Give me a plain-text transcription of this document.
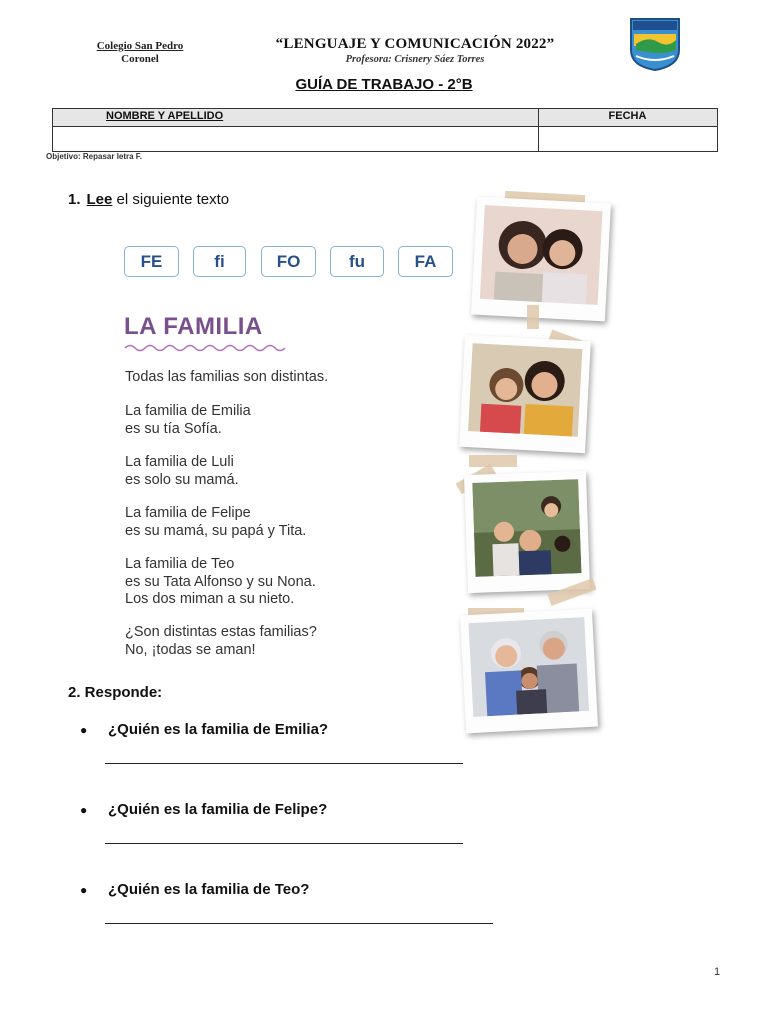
Colegio San Pedro
Coronel
“LENGUAJE Y COMUNICACIÓN 2022”
Profesora: Crisnery Sáez Torres
GUÍA DE TRABAJO - 2°B
NOMBRE Y APELLIDO	FECHA
Objetivo: Repasar letra F.
1. Lee el siguiente texto
FE	fi	FO	fu	FA
LA FAMILIA
Todas las familias son distintas.
La familia de Emilia
es su tía Sofía.
La familia de Luli
es solo su mamá.
La familia de Felipe
es su mamá, su papá y Tita.
La familia de Teo
es su Tata Alfonso y su Nona.
Los dos miman a su nieto.
¿Son distintas estas familias?
No, ¡todas se aman!
2. Responde:
● ¿Quién es la familia de Emilia?
● ¿Quién es la familia de Felipe?
● ¿Quién es la familia de Teo?
1
